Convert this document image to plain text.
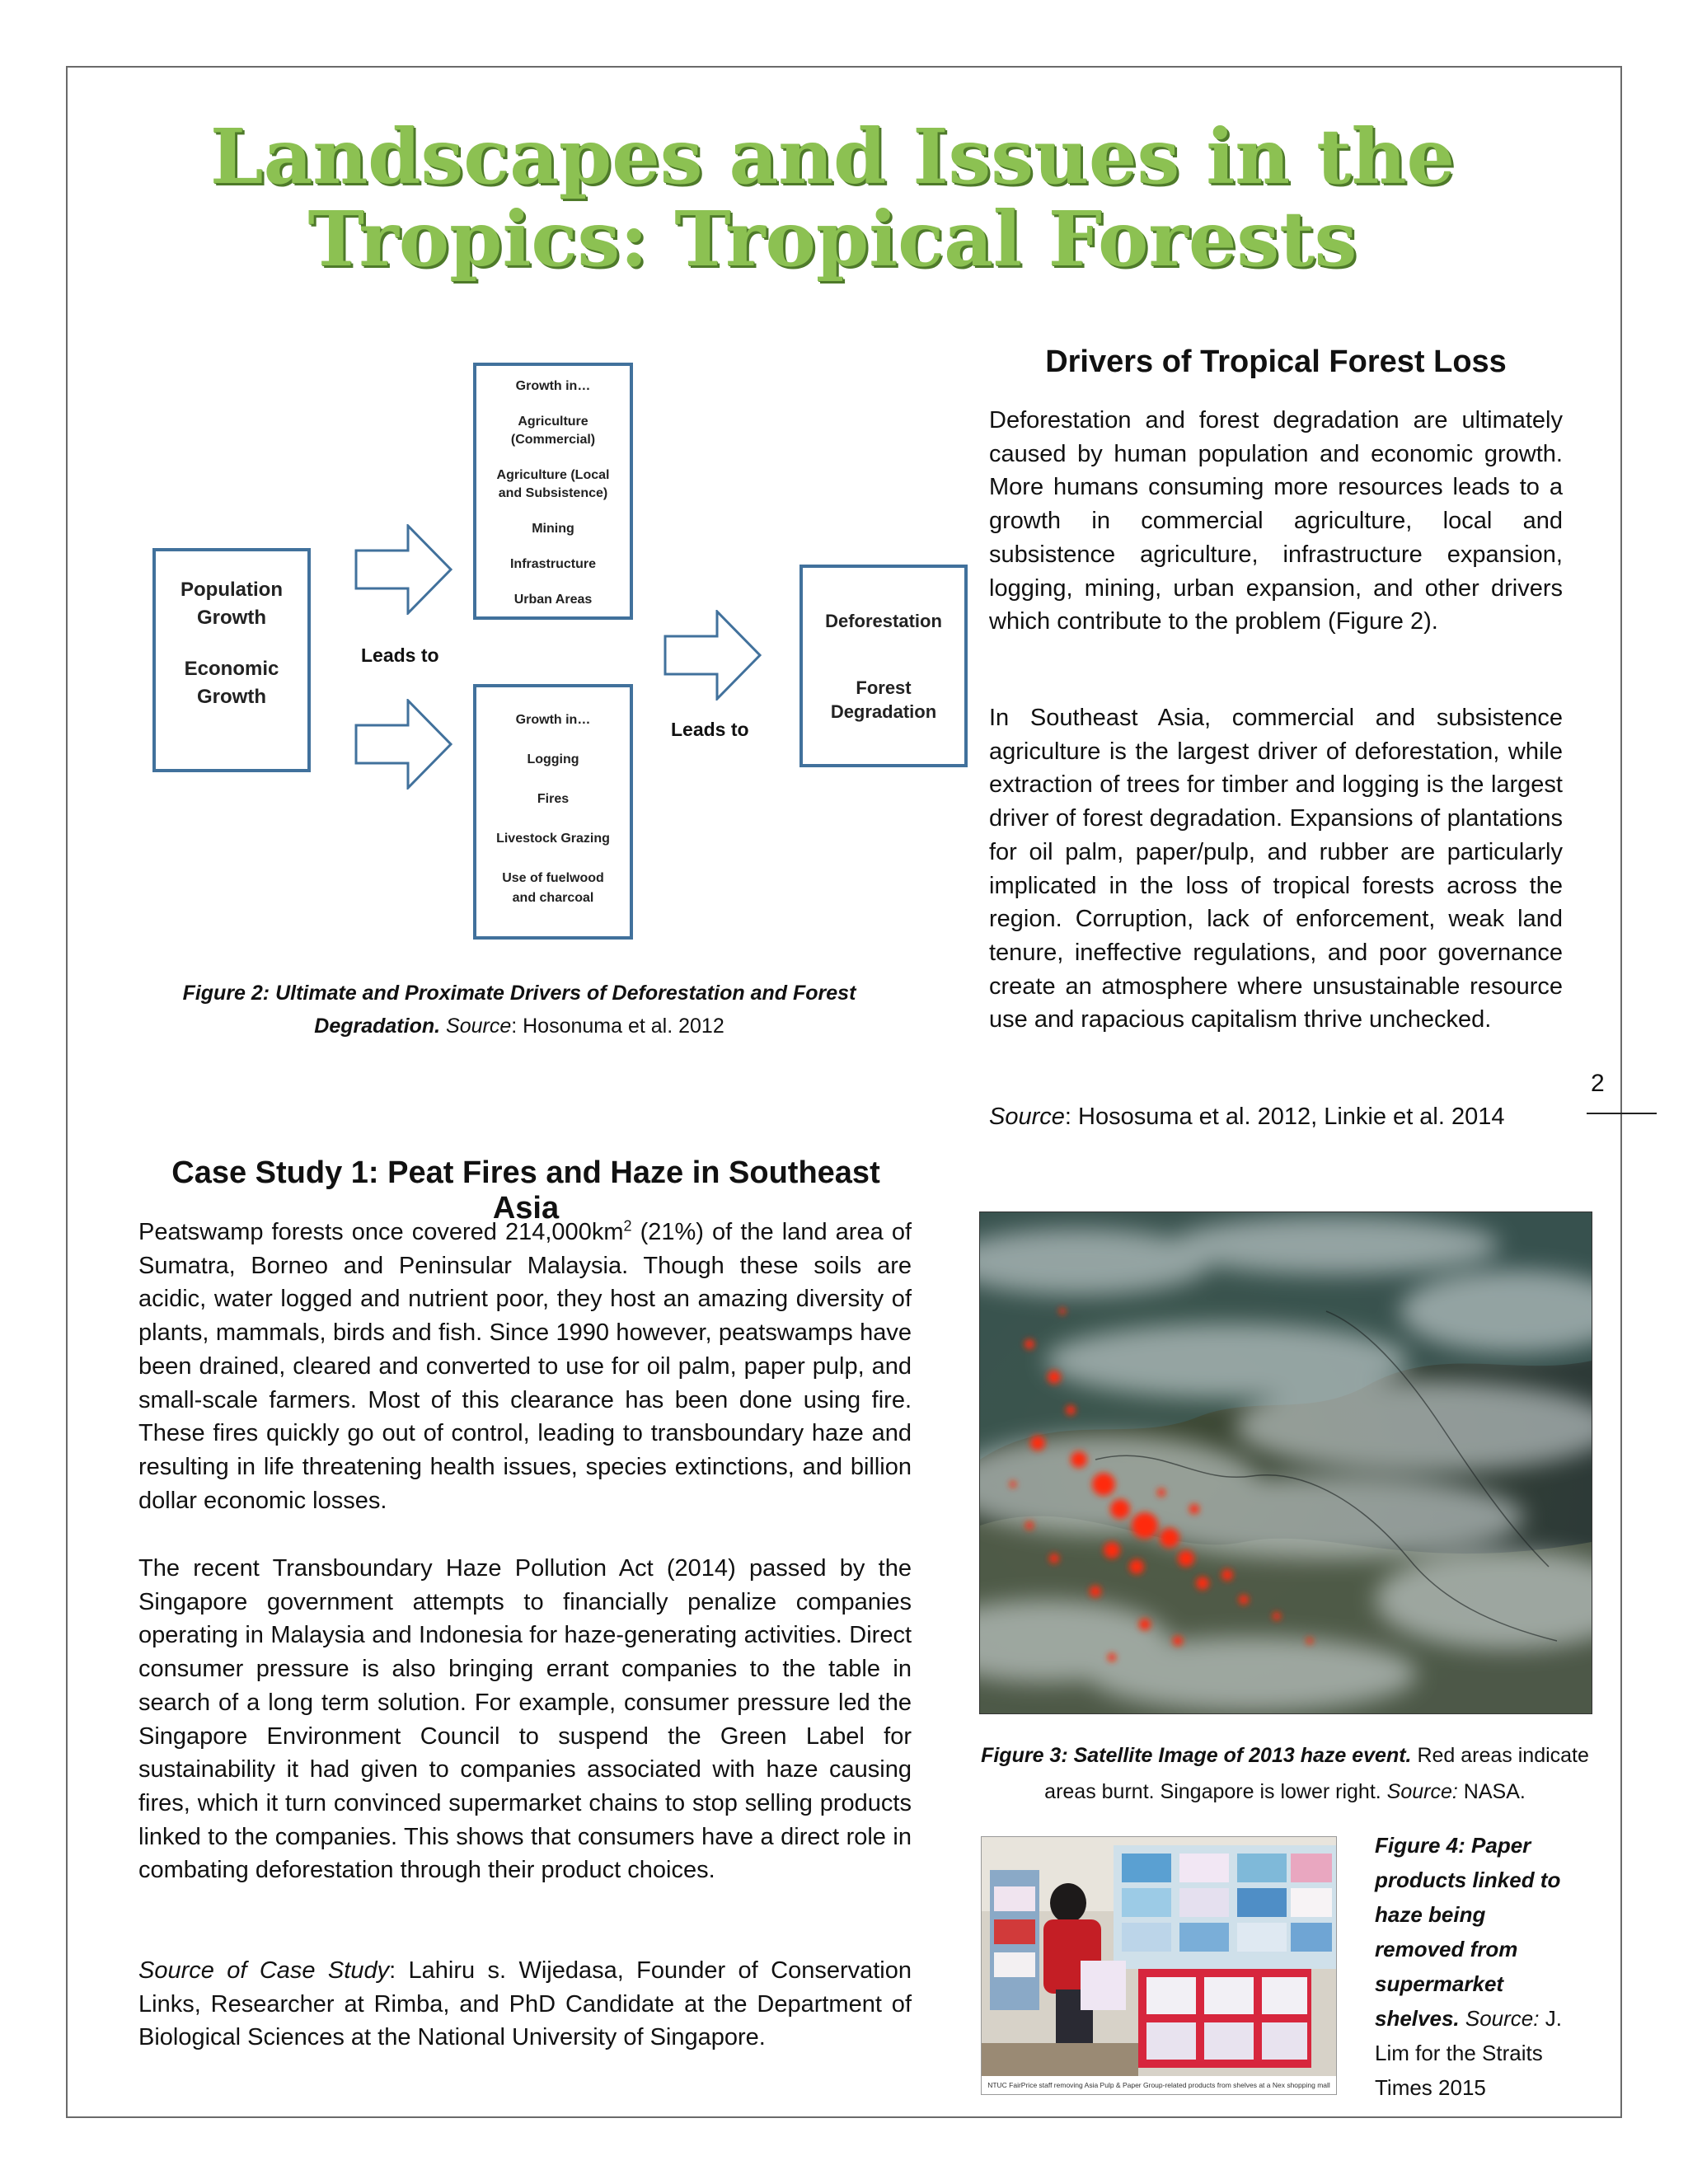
Landscapes and Issues in the
Tropics: Tropical Forests
Population
Growth
Economic
Growth
Leads to
Growth in…
Agriculture
(Commercial)
Agriculture (Local
and Subsistence)
Mining
Infrastructure
Urban Areas
Growth in…
Logging
Fires
Livestock Grazing
Use of fuelwood
and charcoal
Leads to
Deforestation
Forest
Degradation

Figure 2: Ultimate and Proximate Drivers of Deforestation and Forest Degradation. Source: Hosonuma et al. 2012

Drivers of Tropical Forest Loss

Deforestation and forest degradation are ultimately caused by human population and economic growth. More humans consuming more resources leads to a growth in commercial agriculture, local and subsistence agriculture, infrastructure expansion, logging, mining, urban expansion, and other drivers which contribute to the problem (Figure 2).

In Southeast Asia, commercial and subsistence agriculture is the largest driver of deforestation, while extraction of trees for timber and logging is the largest driver of forest degradation. Expansions of plantations for oil palm, paper/pulp, and rubber are particularly implicated in the loss of tropical forests across the region. Corruption, lack of enforcement, weak land tenure, ineffective regulations, and poor governance create an atmosphere where unsustainable resource use and rapacious capitalism thrive unchecked.

Source: Hososuma et al. 2012, Linkie et al. 2014

2
Case Study 1: Peat Fires and Haze in Southeast Asia

Peatswamp forests once covered $214,000km^2$ (21%) of the land area of Sumatra, Borneo and Peninsular Malaysia. Though these soils are acidic, water logged and nutrient poor, they host an amazing diversity of plants, mammals, birds and fish. Since 1990 however, peatswamps have been drained, cleared and converted to use for oil palm, paper pulp, and small-scale farmers. Most of this clearance has been done using fire. These fires quickly go out of control, leading to transboundary haze and resulting in life threatening health issues, species extinctions, and billion dollar economic losses.

The recent Transboundary Haze Pollution Act (2014) passed by the Singapore government attempts to financially penalize companies operating in Malaysia and Indonesia for haze-generating activities. Direct consumer pressure is also bringing errant companies to the table in search of a long term solution. For example, consumer pressure led the Singapore Environment Council to suspend the Green Label for sustainability it had given to companies associated with haze causing fires, which it turn convinced supermarket chains to stop selling products linked to the companies. This shows that consumers have a direct role in combating deforestation through their product choices.

Source of Case Study: Lahiru s. Wijedasa, Founder of Conservation Links, Researcher at Rimba, and PhD Candidate at the Department of Biological Sciences at the National University of Singapore.

Figure 3: Satellite Image of 2013 haze event. Red areas indicate areas burnt. Singapore is lower right. Source: NASA.

NTUC FairPrice staff removing Asia Pulp & Paper Group-related products from shelves at a Nex shopping mall

Figure 4: Paper products linked to haze being removed from supermarket shelves. Source: J. Lim for the Straits Times 2015
